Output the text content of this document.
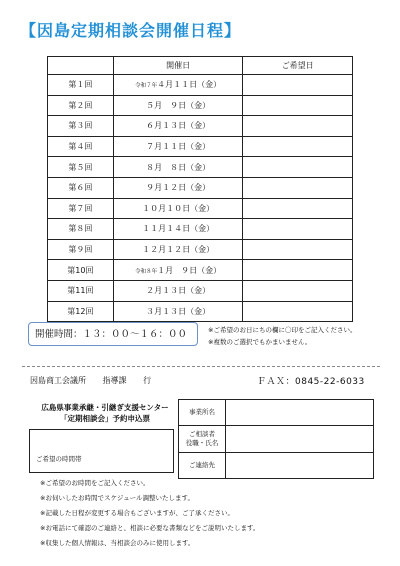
【因島定期相談会開催日程】
	開催日	ご希望日
第１回	令和７年４月１１日（金）	
第２回	５月　９日（金）	
第３回	６月１３日（金）	
第４回	７月１１日（金）	
第５回	８月　８日（金）	
第６回	９月１２日（金）	
第７回	１０月１０日（金）	
第８回	１１月１４日（金）	
第９回	１２月１２日（金）	
第10回	令和８年１月　９日（金）	
第11回	２月１３日（金）	
第12回	３月１３日（金）	
開催時間：１３：００〜１６：００	※ご希望のお日にちの欄に〇印をご記入ください。
※複数のご選択でもかまいません。
因島商工会議所 指導課 行	ＦＡＸ：0845-22-6033
広島県事業承継・引継ぎ支援センター
「定期相談会」予約申込票
ご希望の時間帯
事業所名	

ご相談者
役職・氏名	

ご連絡先	
※ご希望のお時間をご記入ください。
※お伺いしたお時間でスケジュール調整いたします。
※記載した日程が変更する場合もございますが、ご了承ください。
※お電話にて確認のご連絡と、相談に必要な書類などをご説明いたします。
※収集した個人情報は、当相談会のみに使用します。
